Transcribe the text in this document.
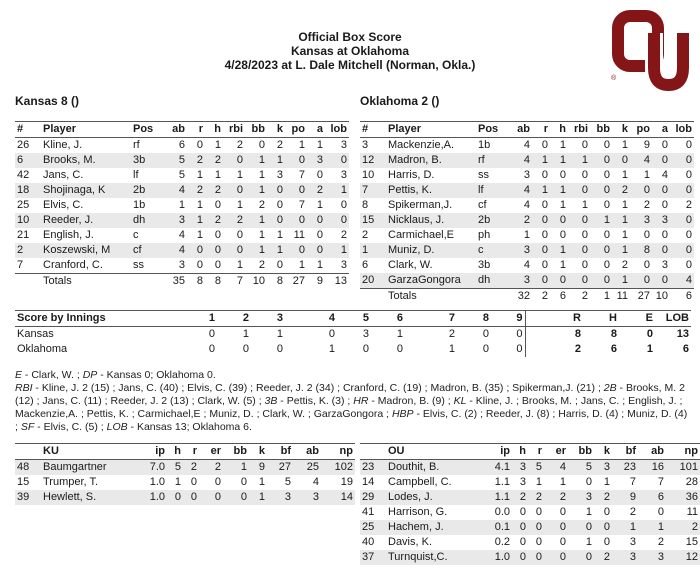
Official Box Score
Kansas at Oklahoma
4/28/2023 at L. Dale Mitchell (Norman, Okla.)
®
Kansas 8 ()
#	Player	Pos	ab	r	h	rbi	bb	k	po	a	lob
26	Kline, J.	rf	6	0	1	2	0	2	1	1	3
6	Brooks, M.	3b	5	2	2	0	1	1	0	3	0
42	Jans, C.	lf	5	1	1	1	1	3	7	0	3
18	Shojinaga, K	2b	4	2	2	0	1	0	0	2	1
25	Elvis, C.	1b	1	1	0	1	2	0	7	1	0
10	Reeder, J.	dh	3	1	2	2	1	0	0	0	0
21	English, J.	c	4	1	0	0	1	1	11	0	2
2	Koszewski, M	cf	4	0	0	0	1	1	0	0	1
7	Cranford, C.	ss	3	0	0	1	2	0	1	1	3
	Totals		35	8	8	7	10	8	27	9	13
Oklahoma 2 ()
#	Player	Pos	ab	r	h	rbi	bb	k	po	a	lob
3	Mackenzie,A.	1b	4	0	1	0	0	1	9	0	0
12	Madron, B.	rf	4	1	1	1	0	0	4	0	0
10	Harris, D.	ss	3	0	0	0	0	1	1	4	0
7	Pettis, K.	lf	4	1	1	0	0	2	0	0	0
8	Spikerman,J.	cf	4	0	1	1	0	1	2	0	2
15	Nicklaus, J.	2b	2	0	0	0	1	1	3	3	0
2	Carmichael,E	ph	1	0	0	0	0	1	0	0	0
1	Muniz, D.	c	3	0	1	0	0	1	8	0	0
6	Clark, W.	3b	4	0	1	0	0	2	0	3	0
20	GarzaGongora	dh	3	0	0	0	0	1	0	0	4
	Totals		32	2	6	2	1	11	27	10	6
Score by Innings	1	2	3	4	5	6	7	8	9	R	H	E	LOB
Kansas	0	1	1	0	3	1	2	0	0	8	8	0	13
Oklahoma	0	0	0	1	0	0	1	0	0	2	6	1	6

E - Clark, W. ; DP - Kansas 0; Oklahoma 0.

RBI - Kline, J. 2 (15) ; Jans, C. (40) ; Elvis, C. (39) ; Reeder, J. 2 (34) ; Cranford, C. (19) ; Madron, B. (35) ; Spikerman,J. (21) ; 2B - Brooks, M. 2 (12) ; Jans, C. (11) ; Reeder, J. 2 (13) ; Clark, W. (5) ; 3B - Pettis, K. (3) ; HR - Madron, B. (9) ; KL - Kline, J. ; Brooks, M. ; Jans, C. ; English, J. ; Mackenzie,A. ; Pettis, K. ; Carmichael,E ; Muniz, D. ; Clark, W. ; GarzaGongora ; HBP - Elvis, C. (2) ; Reeder, J. (8) ; Harris, D. (4) ; Muniz, D. (4) ; SF - Elvis, C. (5) ; LOB - Kansas 13; Oklahoma 6.

	KU	ip	h	r	er	bb	k	bf	ab	np
48	Baumgartner	7.0	5	2	2	1	9	27	25	102
15	Trumper, T.	1.0	1	0	0	0	1	5	4	19
39	Hewlett, S.	1.0	0	0	0	0	1	3	3	14
	OU	ip	h	r	er	bb	k	bf	ab	np
23	Douthit, B.	4.1	3	5	4	5	3	23	16	101
14	Campbell, C.	1.1	3	1	1	0	1	7	7	28
29	Lodes, J.	1.1	2	2	2	3	2	9	6	36
41	Harrison, G.	0.0	0	0	0	1	0	2	0	11
25	Hachem, J.	0.1	0	0	0	0	0	1	1	2
40	Davis, K.	0.2	0	0	0	1	0	3	2	15
37	Turnquist,C.	1.0	0	0	0	0	2	3	3	12
